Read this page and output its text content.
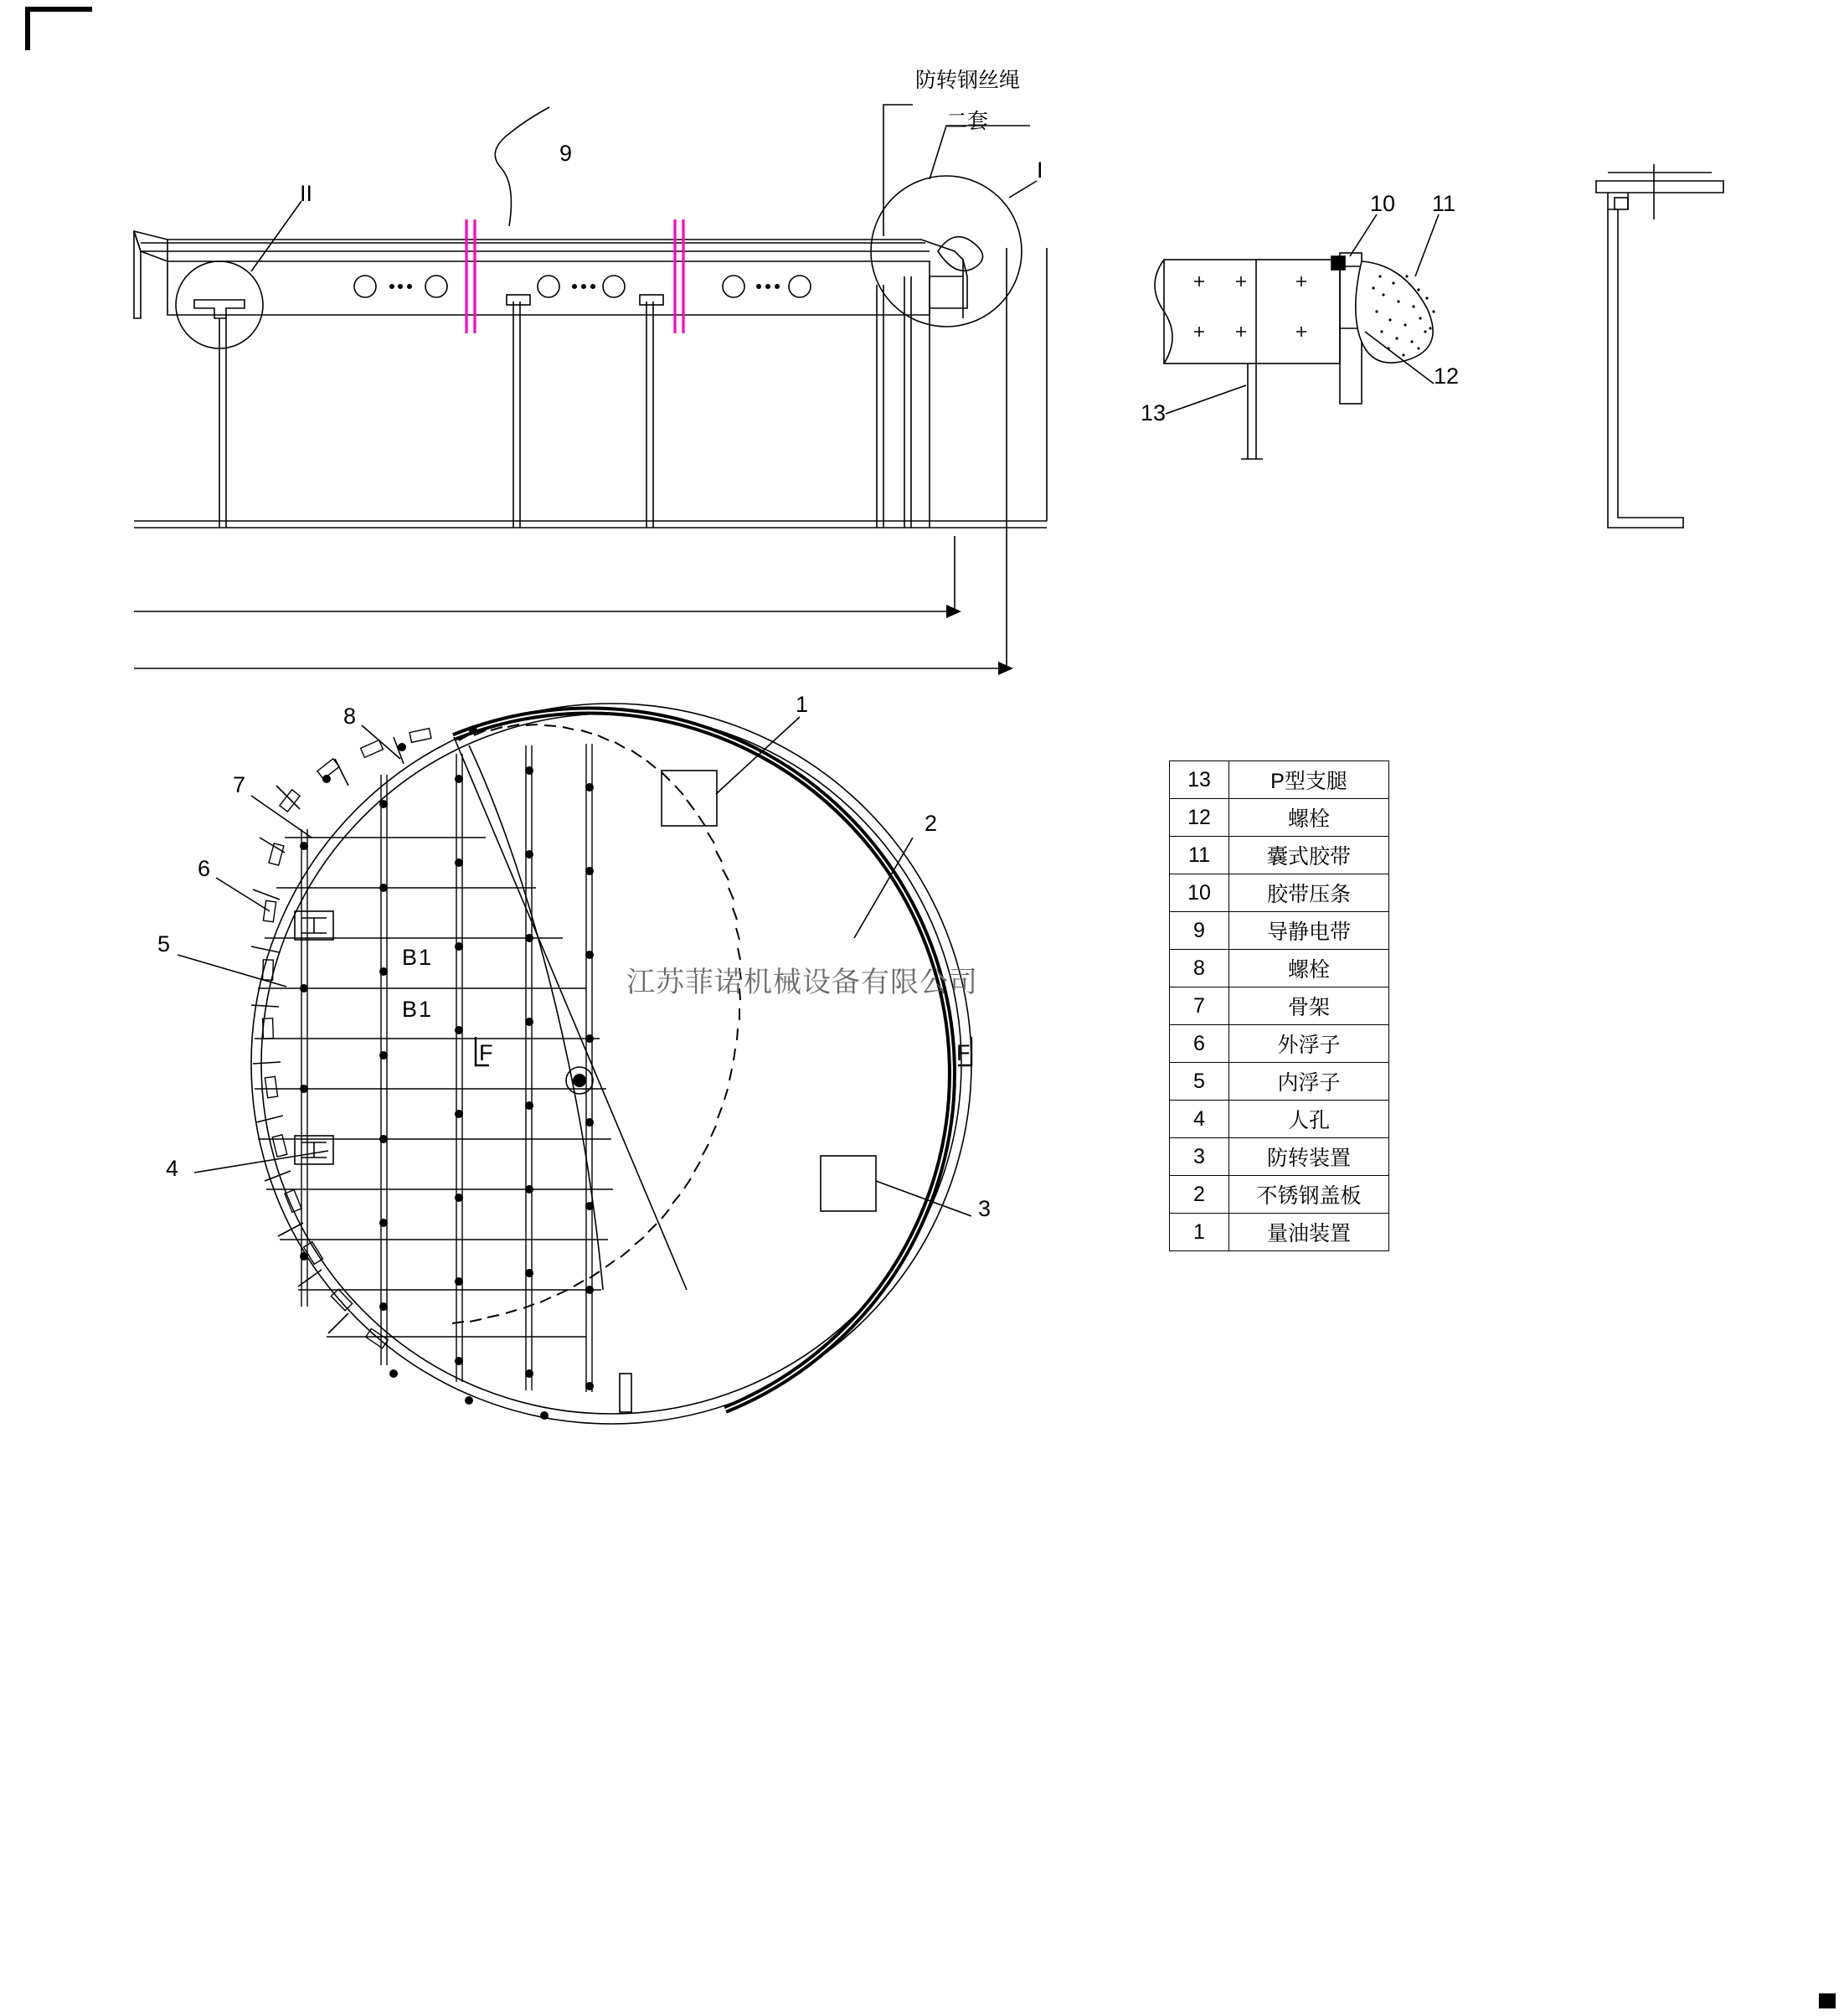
防转钢丝绳
二套
9
I
II	10 11
12
13
1
2
3
4
5
6
7
8
B1
B1
F	F
江苏菲诺机械设备有限公司
13	P型支腿
12	螺栓
11	囊式胶带
10	胶带压条
9	导静电带
8	螺栓
7	骨架
6	外浮子
5	内浮子
4	人孔
3	防转装置
2	不锈钢盖板
1	量油装置
